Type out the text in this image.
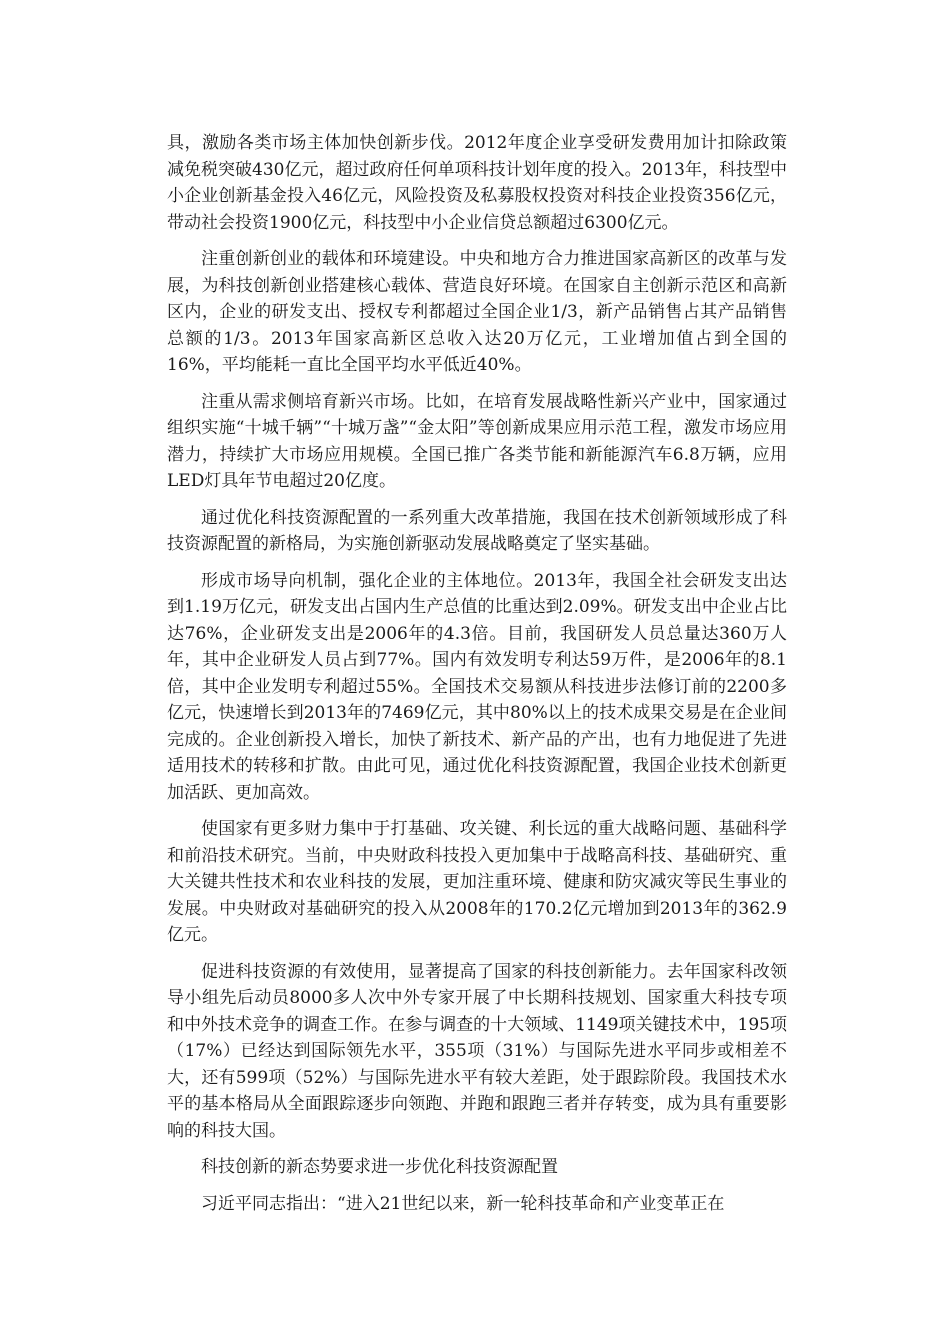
具，激励各类市场主体加快创新步伐。2012年度企业享受研发费用加计扣除政策减免税突破430亿元，超过政府任何单项科技计划年度的投入。2013年，科技型中小企业创新基金投入46亿元，风险投资及私募股权投资对科技企业投资356亿元，带动社会投资1900亿元，科技型中小企业信贷总额超过6300亿元。

注重创新创业的载体和环境建设。中央和地方合力推进国家高新区的改革与发展，为科技创新创业搭建核心载体、营造良好环境。在国家自主创新示范区和高新区内，企业的研发支出、授权专利都超过全国企业1/3，新产品销售占其产品销售总额的1/3。2013年国家高新区总收入达20万亿元，工业增加值占到全国的16%，平均能耗一直比全国平均水平低近40%。

注重从需求侧培育新兴市场。比如，在培育发展战略性新兴产业中，国家通过组织实施“十城千辆”“十城万盏”“金太阳”等创新成果应用示范工程，激发市场应用潜力，持续扩大市场应用规模。全国已推广各类节能和新能源汽车6.8万辆，应用LED灯具年节电超过20亿度。

通过优化科技资源配置的一系列重大改革措施，我国在技术创新领域形成了科技资源配置的新格局，为实施创新驱动发展战略奠定了坚实基础。

形成市场导向机制，强化企业的主体地位。2013年，我国全社会研发支出达到1.19万亿元，研发支出占国内生产总值的比重达到2.09%。研发支出中企业占比达76%，企业研发支出是2006年的4.3倍。目前，我国研发人员总量达360万人年，其中企业研发人员占到77%。国内有效发明专利达59万件，是2006年的8.1倍，其中企业发明专利超过55%。全国技术交易额从科技进步法修订前的2200多亿元，快速增长到2013年的7469亿元，其中80%以上的技术成果交易是在企业间完成的。企业创新投入增长，加快了新技术、新产品的产出，也有力地促进了先进适用技术的转移和扩散。由此可见，通过优化科技资源配置，我国企业技术创新更加活跃、更加高效。

使国家有更多财力集中于打基础、攻关键、利长远的重大战略问题、基础科学和前沿技术研究。当前，中央财政科技投入更加集中于战略高科技、基础研究、重大关键共性技术和农业科技的发展，更加注重环境、健康和防灾减灾等民生事业的发展。中央财政对基础研究的投入从2008年的170.2亿元增加到2013年的362.9亿元。

促进科技资源的有效使用，显著提高了国家的科技创新能力。去年国家科改领导小组先后动员8000多人次中外专家开展了中长期科技规划、国家重大科技专项和中外技术竞争的调查工作。在参与调查的十大领域、1149项关键技术中，195项（17%）已经达到国际领先水平，355项（31%）与国际先进水平同步或相差不大，还有599项（52%）与国际先进水平有较大差距，处于跟踪阶段。我国技术水平的基本格局从全面跟踪逐步向领跑、并跑和跟跑三者并存转变，成为具有重要影响的科技大国。

科技创新的新态势要求进一步优化科技资源配置

习近平同志指出：“进入21世纪以来，新一轮科技革命和产业变革正在
